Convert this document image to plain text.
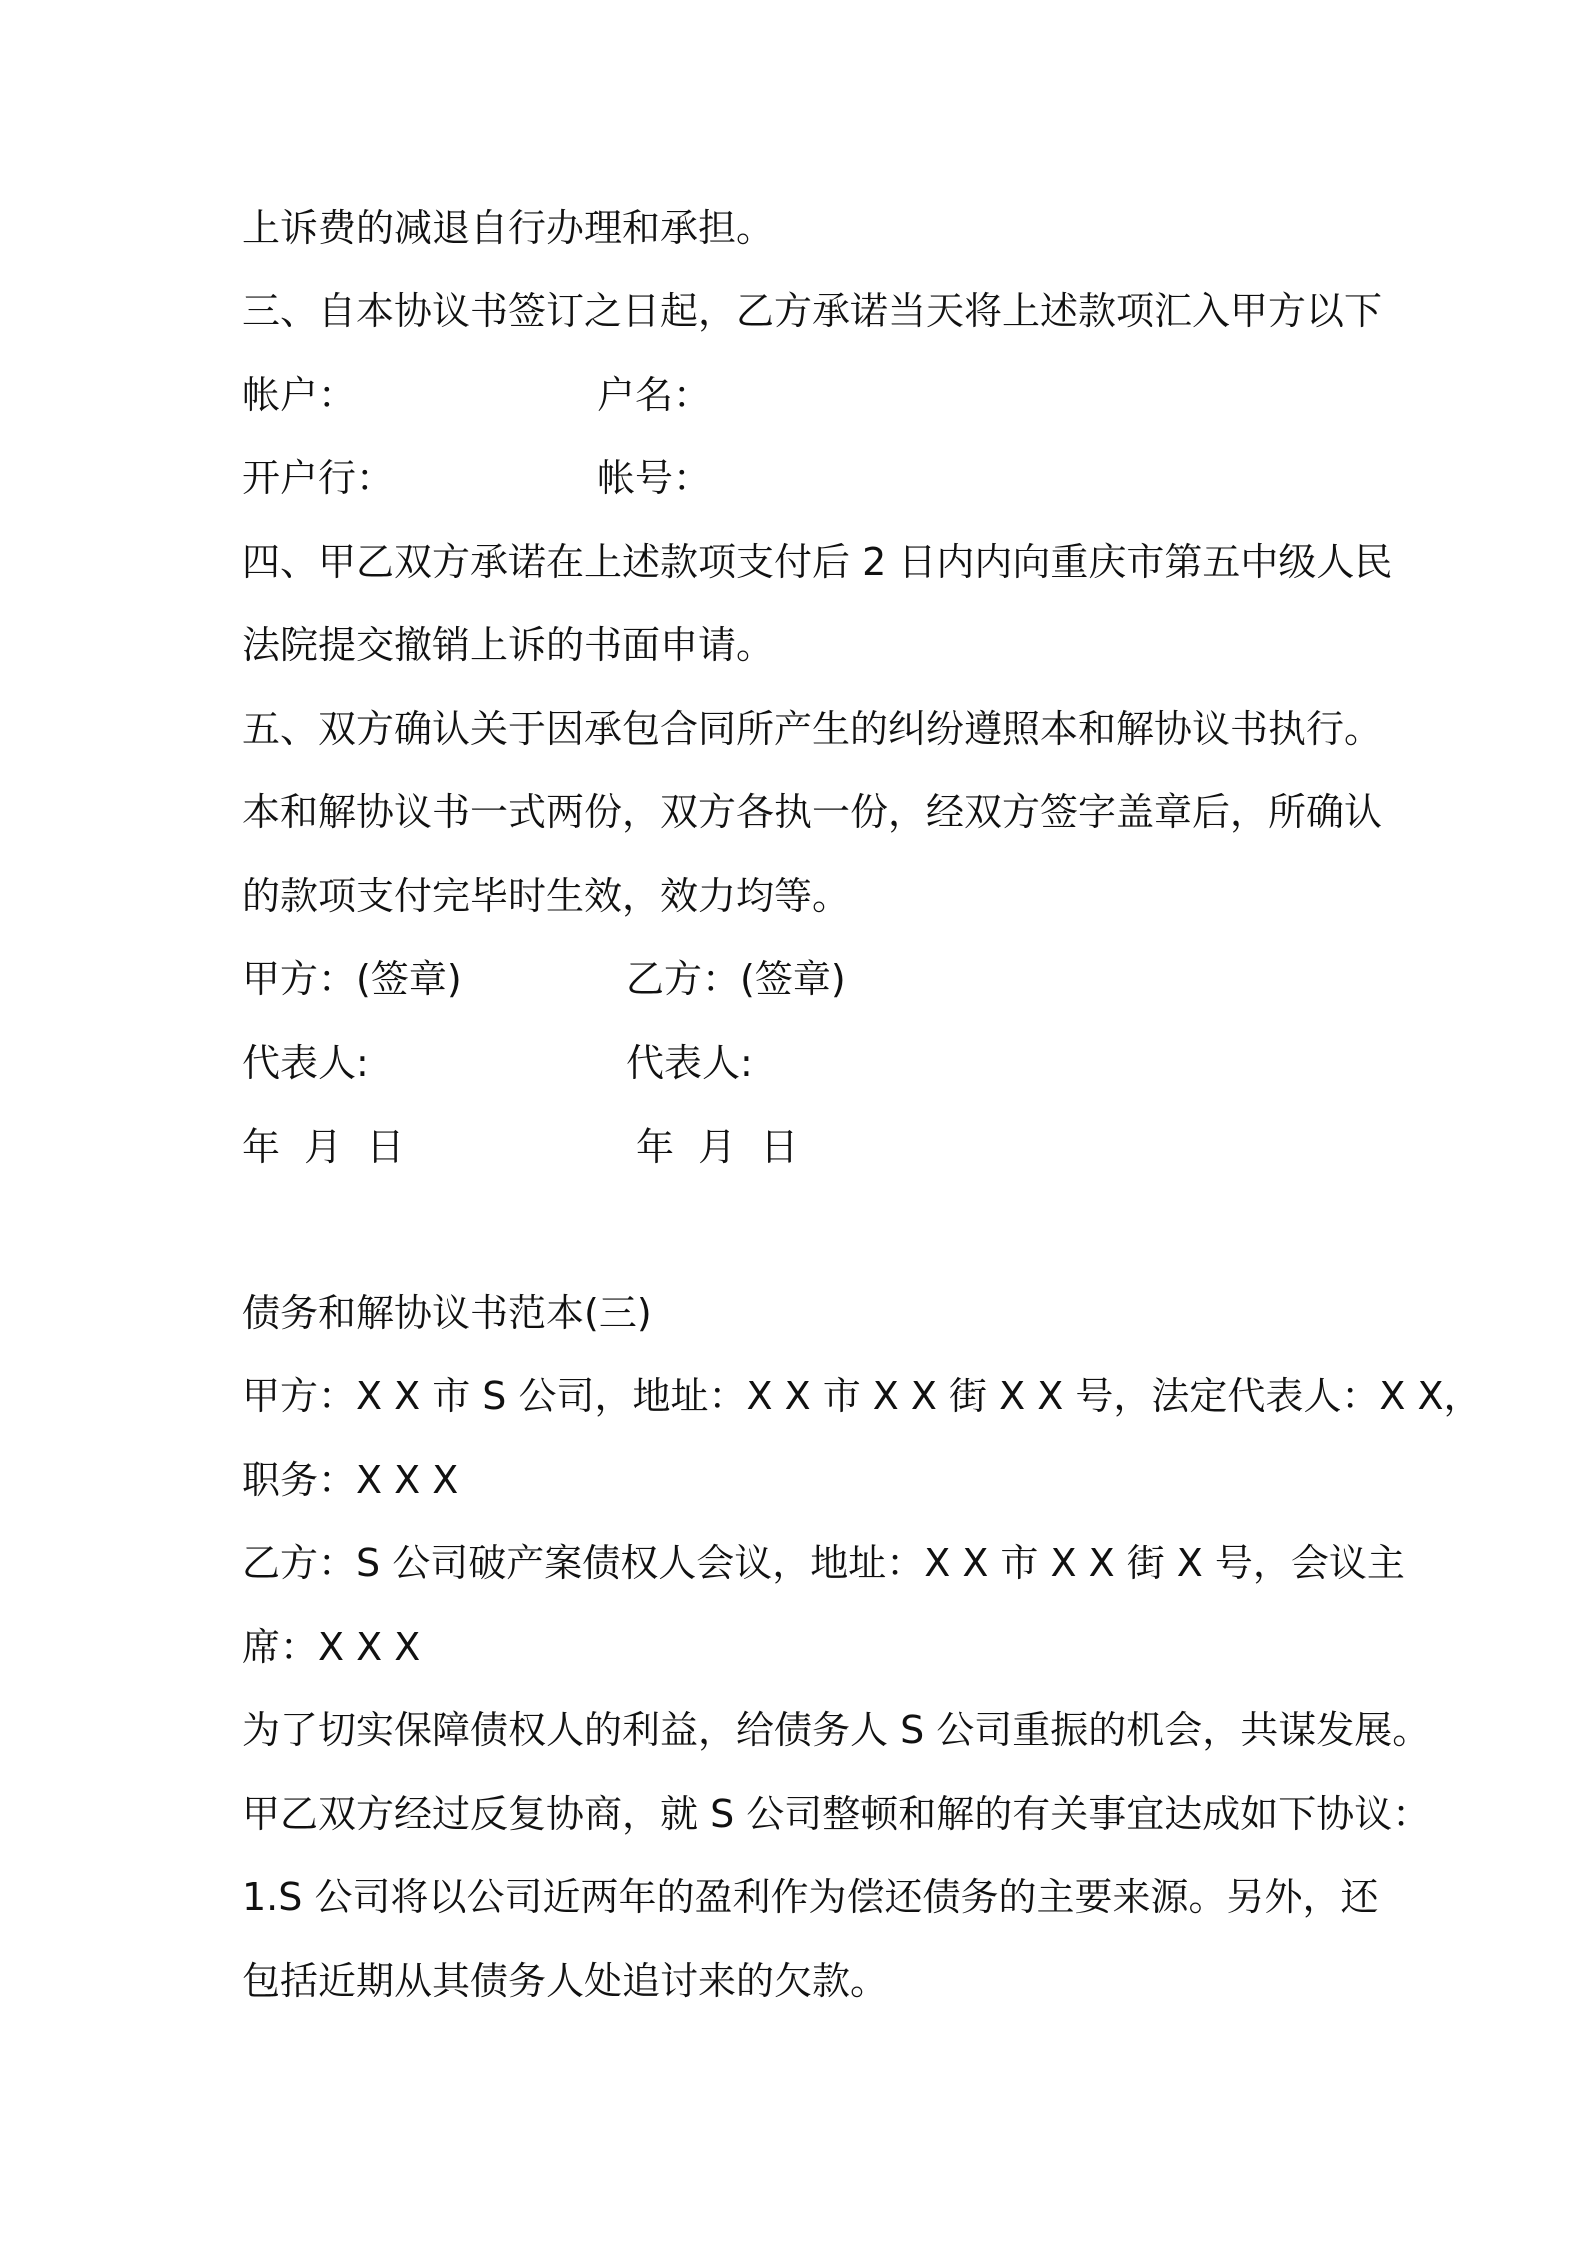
上诉费的减退自行办理和承担。
三、自本协议书签订之日起，乙方承诺当天将上述款项汇入甲方以下
帐户：	户名：
开户行：	帐号：
四、甲乙双方承诺在上述款项支付后 2 日内内向重庆市第五中级人民
法院提交撤销上诉的书面申请。
五、双方确认关于因承包合同所产生的纠纷遵照本和解协议书执行。
本和解协议书一式两份，双方各执一份，经双方签字盖章后，所确认
的款项支付完毕时生效，效力均等。
甲方：(签章)	乙方：(签章)
代表人:	代表人:
年  月  日	年  月  日
债务和解协议书范本(三)
甲方：X X 市 S 公司，地址：X X 市 X X 街 X X 号，法定代表人：X X，
职务：X X X
乙方：S 公司破产案债权人会议，地址：X X 市 X X 街 X 号，会议主
席：X X X
为了切实保障债权人的利益，给债务人 S 公司重振的机会，共谋发展。
甲乙双方经过反复协商，就 S 公司整顿和解的有关事宜达成如下协议：
1.S 公司将以公司近两年的盈利作为偿还债务的主要来源。另外，还
包括近期从其债务人处追讨来的欠款。
